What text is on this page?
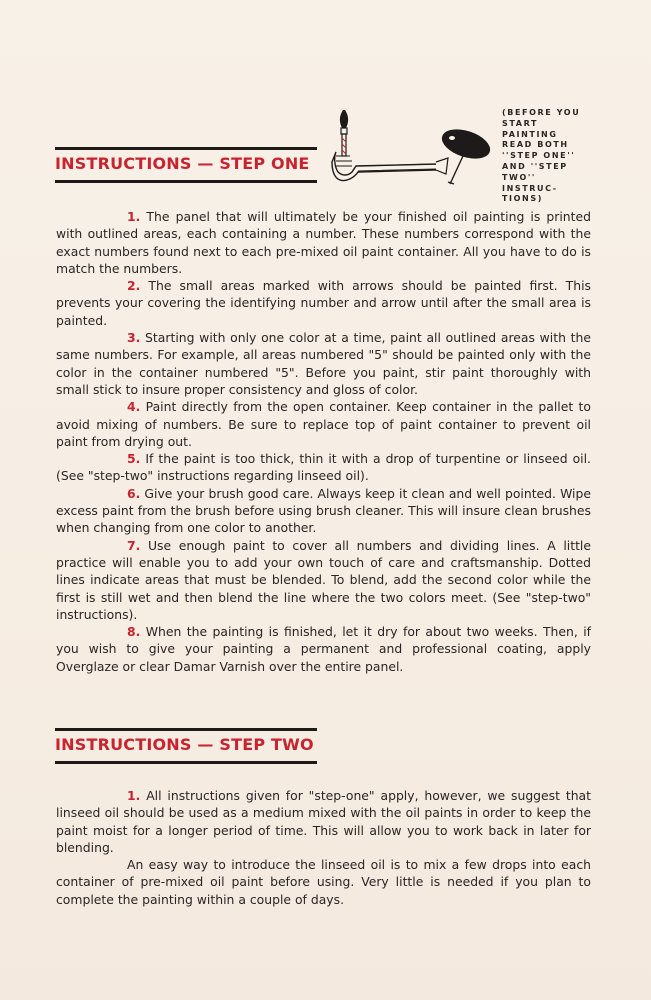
INSTRUCTIONS — STEP ONE
(BEFORE YOU
START PAINTING
READ BOTH
''STEP ONE''
AND ''STEP
TWO'' INSTRUC-
TIONS)

1. The panel that will ultimately be your finished oil painting is printed with outlined areas, each containing a number. These numbers correspond with the exact numbers found next to each pre-mixed oil paint container. All you have to do is match the numbers.

2. The small areas marked with arrows should be painted first. This prevents your covering the identifying number and arrow until after the small area is painted.

3. Starting with only one color at a time, paint all outlined areas with the same numbers. For example, all areas numbered "5" should be painted only with the color in the container numbered "5". Before you paint, stir paint thoroughly with small stick to insure proper consistency and gloss of color.

4. Paint directly from the open container. Keep container in the pallet to avoid mixing of numbers. Be sure to replace top of paint container to prevent oil paint from drying out.

5. If the paint is too thick, thin it with a drop of turpentine or linseed oil. (See "step-two" instructions regarding linseed oil).

6. Give your brush good care. Always keep it clean and well pointed. Wipe excess paint from the brush before using brush cleaner. This will insure clean brushes when changing from one color to another.

7. Use enough paint to cover all numbers and dividing lines. A little practice will enable you to add your own touch of care and craftsmanship. Dotted lines indicate areas that must be blended. To blend, add the second color while the first is still wet and then blend the line where the two colors meet. (See "step-two" instructions).

8. When the painting is finished, let it dry for about two weeks. Then, if you wish to give your painting a permanent and professional coating, apply Overglaze or clear Damar Varnish over the entire panel.

INSTRUCTIONS — STEP TWO

1. All instructions given for "step-one" apply, however, we suggest that linseed oil should be used as a medium mixed with the oil paints in order to keep the paint moist for a longer period of time. This will allow you to work back in later for blending.

An easy way to introduce the linseed oil is to mix a few drops into each container of pre-mixed oil paint before using. Very little is needed if you plan to complete the painting within a couple of days.
